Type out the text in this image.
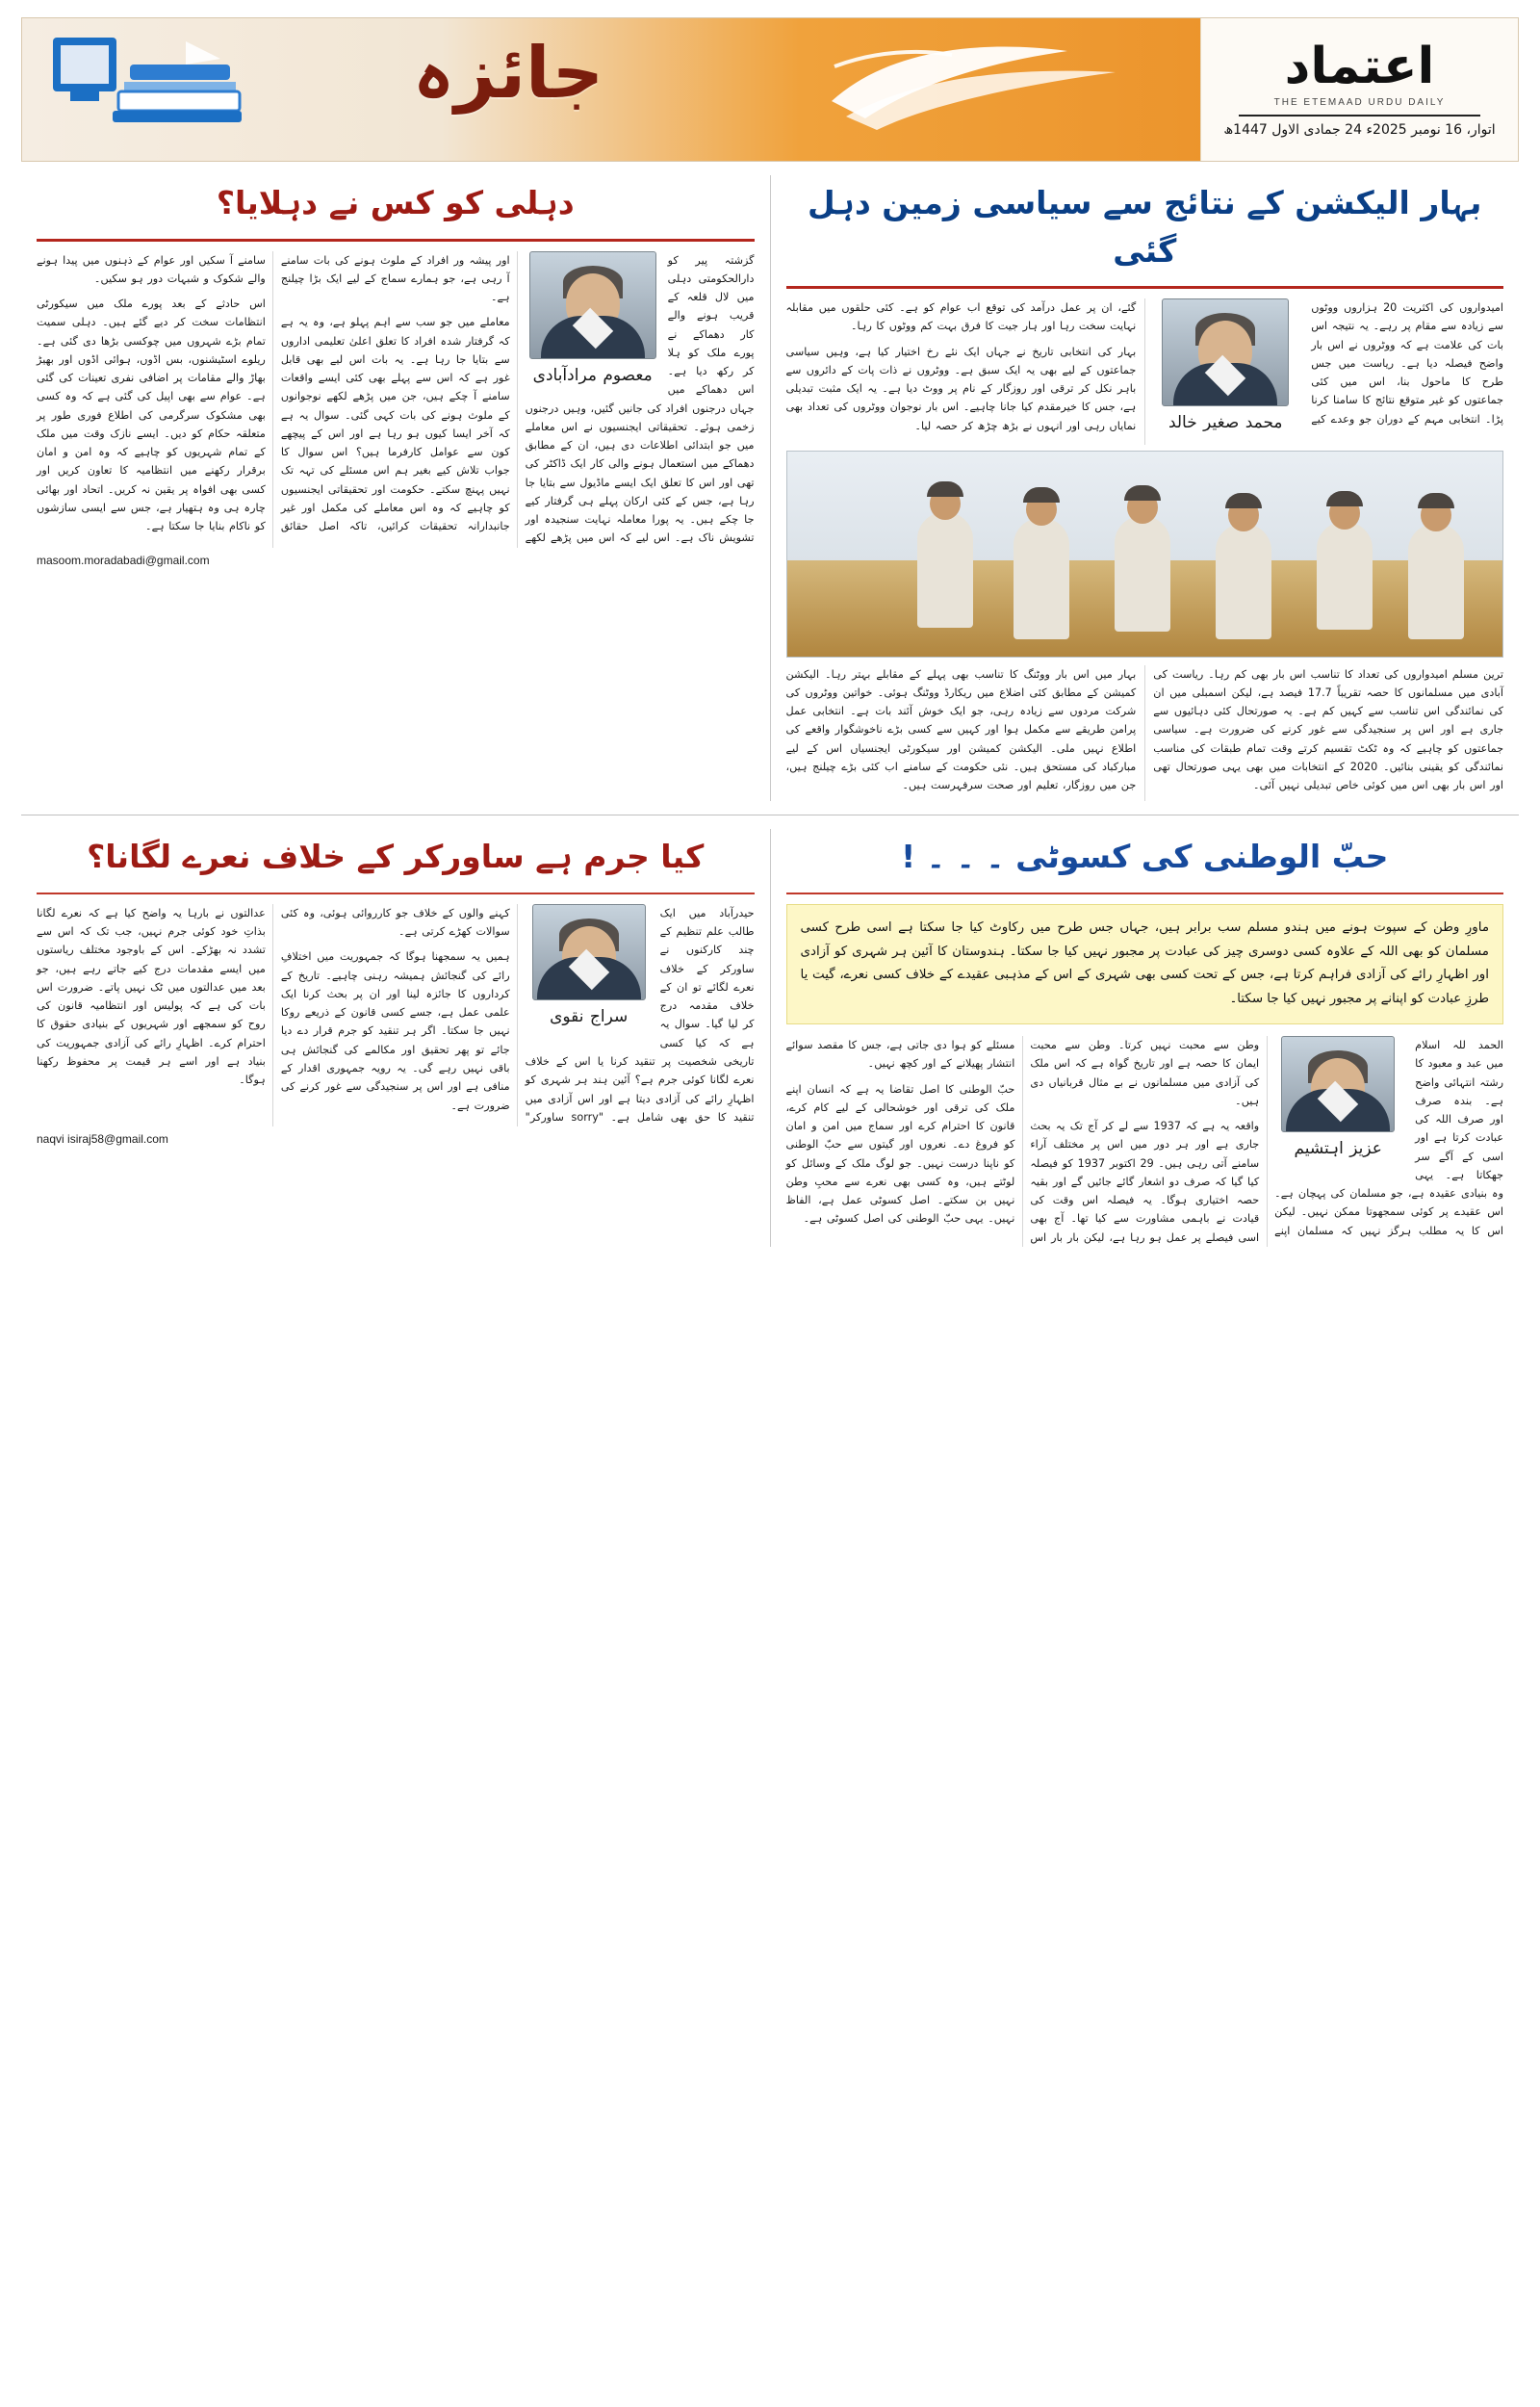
اعتماد
THE ETEMAAD URDU DAILY
اتوار، 16 نومبر 2025ء 24 جمادی الاول 1447ھ
جائزہ
بہار الیکشن کے نتائج سے سیاسی زمین دہل گئی
محمد صغیر خالد

امیدواروں کی اکثریت 20 ہزاروں ووٹوں سے زیادہ سے مقام پر رہے۔ یہ نتیجہ اس بات کی علامت ہے کہ ووٹروں نے اس بار واضح فیصلہ دیا ہے۔ ریاست میں جس طرح کا ماحول بنا، اس میں کئی جماعتوں کو غیر متوقع نتائج کا سامنا کرنا پڑا۔ انتخابی مہم کے دوران جو وعدے کیے گئے، ان پر عمل درآمد کی توقع اب عوام کو ہے۔ کئی حلقوں میں مقابلہ نہایت سخت رہا اور ہار جیت کا فرق بہت کم ووٹوں کا رہا۔

بہار کی انتخابی تاریخ نے جہاں ایک نئے رخ اختیار کیا ہے، وہیں سیاسی جماعتوں کے لیے بھی یہ ایک سبق ہے۔ ووٹروں نے ذات پات کے دائروں سے باہر نکل کر ترقی اور روزگار کے نام پر ووٹ دیا ہے۔ یہ ایک مثبت تبدیلی ہے، جس کا خیرمقدم کیا جانا چاہیے۔ اس بار نوجوان ووٹروں کی تعداد بھی نمایاں رہی اور انہوں نے بڑھ چڑھ کر حصہ لیا۔

ترین مسلم امیدواروں کی تعداد کا تناسب اس بار بھی کم رہا۔ ریاست کی آبادی میں مسلمانوں کا حصہ تقریباً 17.7 فیصد ہے، لیکن اسمبلی میں ان کی نمائندگی اس تناسب سے کہیں کم ہے۔ یہ صورتحال کئی دہائیوں سے جاری ہے اور اس پر سنجیدگی سے غور کرنے کی ضرورت ہے۔ سیاسی جماعتوں کو چاہیے کہ وہ ٹکٹ تقسیم کرتے وقت تمام طبقات کی مناسب نمائندگی کو یقینی بنائیں۔ 2020 کے انتخابات میں بھی یہی صورتحال تھی اور اس بار بھی اس میں کوئی خاص تبدیلی نہیں آئی۔

بہار میں اس بار ووٹنگ کا تناسب بھی پہلے کے مقابلے بہتر رہا۔ الیکشن کمیشن کے مطابق کئی اضلاع میں ریکارڈ ووٹنگ ہوئی۔ خواتین ووٹروں کی شرکت مردوں سے زیادہ رہی، جو ایک خوش آئند بات ہے۔ انتخابی عمل پرامن طریقے سے مکمل ہوا اور کہیں سے کسی بڑے ناخوشگوار واقعے کی اطلاع نہیں ملی۔ الیکشن کمیشن اور سیکورٹی ایجنسیاں اس کے لیے مبارکباد کی مستحق ہیں۔ نئی حکومت کے سامنے اب کئی بڑے چیلنج ہیں، جن میں روزگار، تعلیم اور صحت سرفہرست ہیں۔

دہلی کو کس نے دہلایا؟
معصوم مرادآبادی

گزشتہ پیر کو دارالحکومتی دہلی میں لال قلعہ کے قریب ہونے والے کار دھماکے نے پورے ملک کو ہلا کر رکھ دیا ہے۔ اس دھماکے میں جہاں درجنوں افراد کی جانیں گئیں، وہیں درجنوں زخمی ہوئے۔ تحقیقاتی ایجنسیوں نے اس معاملے میں جو ابتدائی اطلاعات دی ہیں، ان کے مطابق دھماکے میں استعمال ہونے والی کار ایک ڈاکٹر کی تھی اور اس کا تعلق ایک ایسے ماڈیول سے بتایا جا رہا ہے، جس کے کئی ارکان پہلے ہی گرفتار کیے جا چکے ہیں۔ یہ پورا معاملہ نہایت سنجیدہ اور تشویش ناک ہے۔ اس لیے کہ اس میں پڑھے لکھے اور پیشہ ور افراد کے ملوث ہونے کی بات سامنے آ رہی ہے، جو ہمارے سماج کے لیے ایک بڑا چیلنج ہے۔

معاملے میں جو سب سے اہم پہلو ہے، وہ یہ ہے کہ گرفتار شدہ افراد کا تعلق اعلیٰ تعلیمی اداروں سے بتایا جا رہا ہے۔ یہ بات اس لیے بھی قابل غور ہے کہ اس سے پہلے بھی کئی ایسے واقعات سامنے آ چکے ہیں، جن میں پڑھے لکھے نوجوانوں کے ملوث ہونے کی بات کہی گئی۔ سوال یہ ہے کہ آخر ایسا کیوں ہو رہا ہے اور اس کے پیچھے کون سے عوامل کارفرما ہیں؟ اس سوال کا جواب تلاش کیے بغیر ہم اس مسئلے کی تہہ تک نہیں پہنچ سکتے۔ حکومت اور تحقیقاتی ایجنسیوں کو چاہیے کہ وہ اس معاملے کی مکمل اور غیر جانبدارانہ تحقیقات کرائیں، تاکہ اصل حقائق سامنے آ سکیں اور عوام کے ذہنوں میں پیدا ہونے والے شکوک و شبہات دور ہو سکیں۔

اس حادثے کے بعد پورے ملک میں سیکورٹی انتظامات سخت کر دیے گئے ہیں۔ دہلی سمیت تمام بڑے شہروں میں چوکسی بڑھا دی گئی ہے۔ ریلوے اسٹیشنوں، بس اڈوں، ہوائی اڈوں اور بھیڑ بھاڑ والے مقامات پر اضافی نفری تعینات کی گئی ہے۔ عوام سے بھی اپیل کی گئی ہے کہ وہ کسی بھی مشکوک سرگرمی کی اطلاع فوری طور پر متعلقہ حکام کو دیں۔ ایسے نازک وقت میں ملک کے تمام شہریوں کو چاہیے کہ وہ امن و امان برقرار رکھنے میں انتظامیہ کا تعاون کریں اور کسی بھی افواہ پر یقین نہ کریں۔ اتحاد اور بھائی چارہ ہی وہ ہتھیار ہے، جس سے ایسی سازشوں کو ناکام بنایا جا سکتا ہے۔

masoom.moradabadi@gmail.com
حبّ الوطنی کی کسوٹی ۔ ۔ ۔ !
ماورِ وطن کے سپوت ہونے میں ہندو مسلم سب برابر ہیں، جہاں جس طرح میں رکاوٹ کیا جا سکتا ہے اسی طرح کسی مسلمان کو بھی اللہ کے علاوہ کسی دوسری چیز کی عبادت پر مجبور نہیں کیا جا سکتا۔ ہندوستان کا آئین ہر شہری کو آزادی اور اظہارِ رائے کی آزادی فراہم کرتا ہے، جس کے تحت کسی بھی شہری کے اس کے مذہبی عقیدے کے خلاف کسی نعرے، گیت یا طرزِ عبادت کو اپنانے پر مجبور نہیں کیا جا سکتا۔
عزیز اہتشیم

الحمد للہ اسلام میں عبد و معبود کا رشتہ انتہائی واضح ہے۔ بندہ صرف اور صرف اللہ کی عبادت کرتا ہے اور اسی کے آگے سر جھکاتا ہے۔ یہی وہ بنیادی عقیدہ ہے، جو مسلمان کی پہچان ہے۔ اس عقیدے پر کوئی سمجھوتا ممکن نہیں۔ لیکن اس کا یہ مطلب ہرگز نہیں کہ مسلمان اپنے وطن سے محبت نہیں کرتا۔ وطن سے محبت ایمان کا حصہ ہے اور تاریخ گواہ ہے کہ اس ملک کی آزادی میں مسلمانوں نے بے مثال قربانیاں دی ہیں۔

واقعہ یہ ہے کہ 1937 سے لے کر آج تک یہ بحث جاری ہے اور ہر دور میں اس پر مختلف آراء سامنے آتی رہی ہیں۔ 29 اکتوبر 1937 کو فیصلہ کیا گیا کہ صرف دو اشعار گائے جائیں گے اور بقیہ حصہ اختیاری ہوگا۔ یہ فیصلہ اس وقت کی قیادت نے باہمی مشاورت سے کیا تھا۔ آج بھی اسی فیصلے پر عمل ہو رہا ہے، لیکن بار بار اس مسئلے کو ہوا دی جاتی ہے، جس کا مقصد سوائے انتشار پھیلانے کے اور کچھ نہیں۔

حبّ الوطنی کا اصل تقاضا یہ ہے کہ انسان اپنے ملک کی ترقی اور خوشحالی کے لیے کام کرے، قانون کا احترام کرے اور سماج میں امن و امان کو فروغ دے۔ نعروں اور گیتوں سے حبّ الوطنی کو ناپنا درست نہیں۔ جو لوگ ملک کے وسائل کو لوٹتے ہیں، وہ کسی بھی نعرے سے محبِ وطن نہیں بن سکتے۔ اصل کسوٹی عمل ہے، الفاظ نہیں۔ یہی حبّ الوطنی کی اصل کسوٹی ہے۔

کیا جرم ہے ساورکر کے خلاف نعرے لگانا؟
سراج نقوی

حیدرآباد میں ایک طالب علم تنظیم کے چند کارکنوں نے ساورکر کے خلاف نعرے لگائے تو ان کے خلاف مقدمہ درج کر لیا گیا۔ سوال یہ ہے کہ کیا کسی تاریخی شخصیت پر تنقید کرنا یا اس کے خلاف نعرے لگانا کوئی جرم ہے؟ آئین ہند ہر شہری کو اظہارِ رائے کی آزادی دیتا ہے اور اس آزادی میں تنقید کا حق بھی شامل ہے۔ "sorry ساورکر" کہنے والوں کے خلاف جو کارروائی ہوئی، وہ کئی سوالات کھڑے کرتی ہے۔

ہمیں یہ سمجھنا ہوگا کہ جمہوریت میں اختلافِ رائے کی گنجائش ہمیشہ رہنی چاہیے۔ تاریخ کے کرداروں کا جائزہ لینا اور ان پر بحث کرنا ایک علمی عمل ہے، جسے کسی قانون کے ذریعے روکا نہیں جا سکتا۔ اگر ہر تنقید کو جرم قرار دے دیا جائے تو پھر تحقیق اور مکالمے کی گنجائش ہی باقی نہیں رہے گی۔ یہ رویہ جمہوری اقدار کے منافی ہے اور اس پر سنجیدگی سے غور کرنے کی ضرورت ہے۔

عدالتوں نے بارہا یہ واضح کیا ہے کہ نعرے لگانا بذاتِ خود کوئی جرم نہیں، جب تک کہ اس سے تشدد نہ بھڑکے۔ اس کے باوجود مختلف ریاستوں میں ایسے مقدمات درج کیے جاتے رہے ہیں، جو بعد میں عدالتوں میں ٹک نہیں پاتے۔ ضرورت اس بات کی ہے کہ پولیس اور انتظامیہ قانون کی روح کو سمجھے اور شہریوں کے بنیادی حقوق کا احترام کرے۔ اظہارِ رائے کی آزادی جمہوریت کی بنیاد ہے اور اسے ہر قیمت پر محفوظ رکھنا ہوگا۔

naqvi isiraj58@gmail.com
